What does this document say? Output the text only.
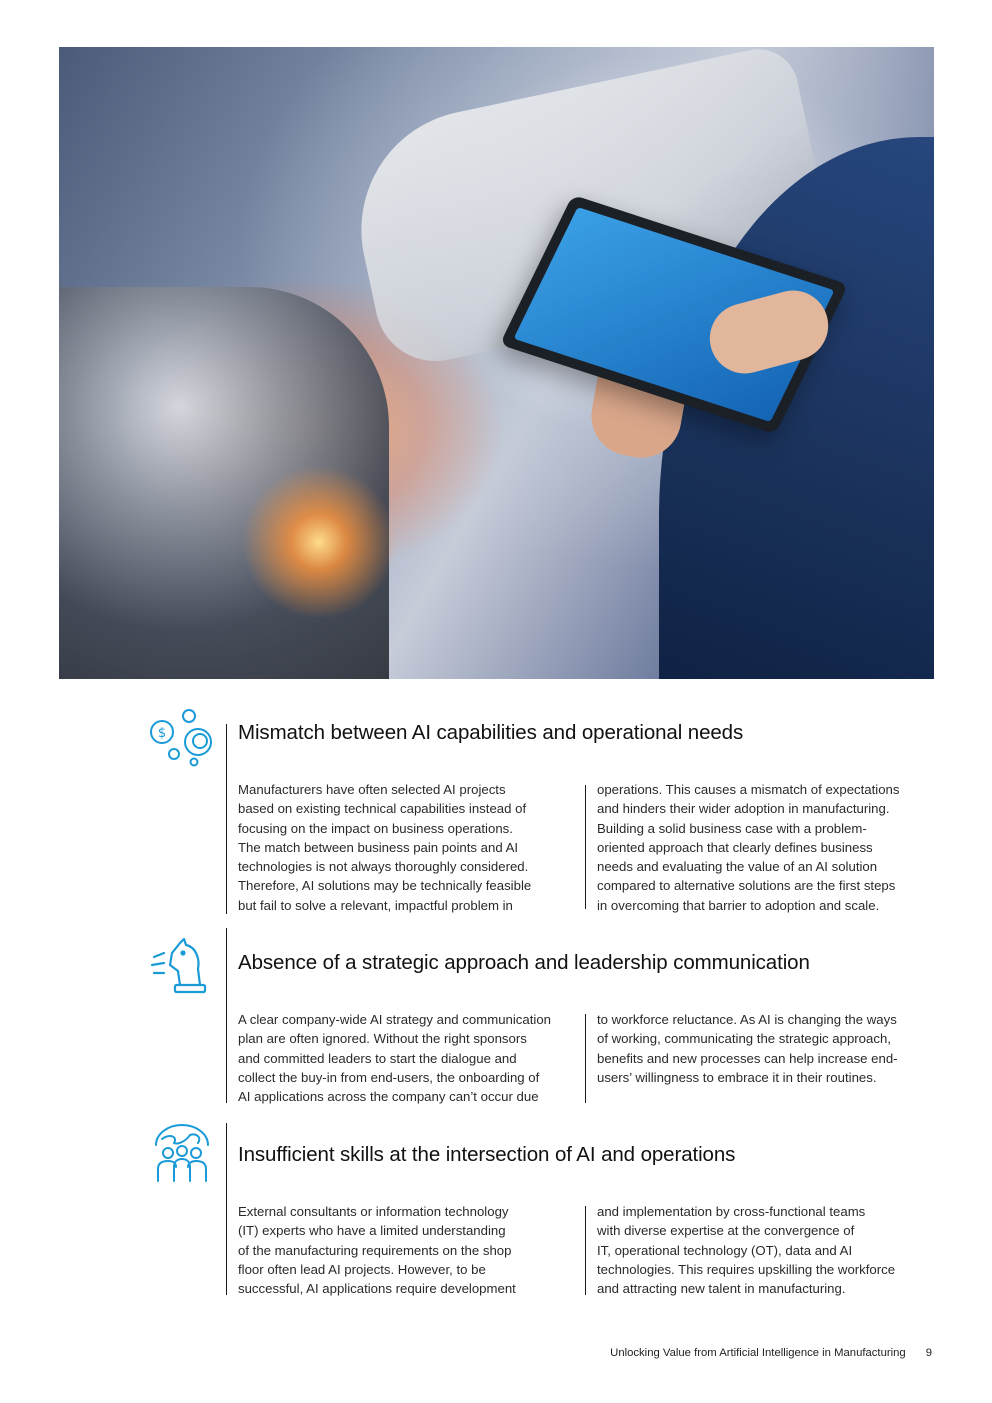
$	Mismatch between AI capabilities and operational needs
Manufacturers have often selected AI projects
based on existing technical capabilities instead of
focusing on the impact on business operations.
The match between business pain points and AI
technologies is not always thoroughly considered.
Therefore, AI solutions may be technically feasible
but fail to solve a relevant, impactful problem in
operations. This causes a mismatch of expectations
and hinders their wider adoption in manufacturing.
Building a solid business case with a problem-
oriented approach that clearly defines business
needs and evaluating the value of an AI solution
compared to alternative solutions are the first steps
in overcoming that barrier to adoption and scale.
Absence of a strategic approach and leadership communication
A clear company-wide AI strategy and communication
plan are often ignored. Without the right sponsors
and committed leaders to start the dialogue and
collect the buy-in from end-users, the onboarding of
AI applications across the company can’t occur due
to workforce reluctance. As AI is changing the ways
of working, communicating the strategic approach,
benefits and new processes can help increase end-
users’ willingness to embrace it in their routines.
Insufficient skills at the intersection of AI and operations
External consultants or information technology
(IT) experts who have a limited understanding
of the manufacturing requirements on the shop
floor often lead AI projects. However, to be
successful, AI applications require development
and implementation by cross-functional teams
with diverse expertise at the convergence of
IT, operational technology (OT), data and AI
technologies. This requires upskilling the workforce
and attracting new talent in manufacturing.
Unlocking Value from Artificial Intelligence in Manufacturing 9
